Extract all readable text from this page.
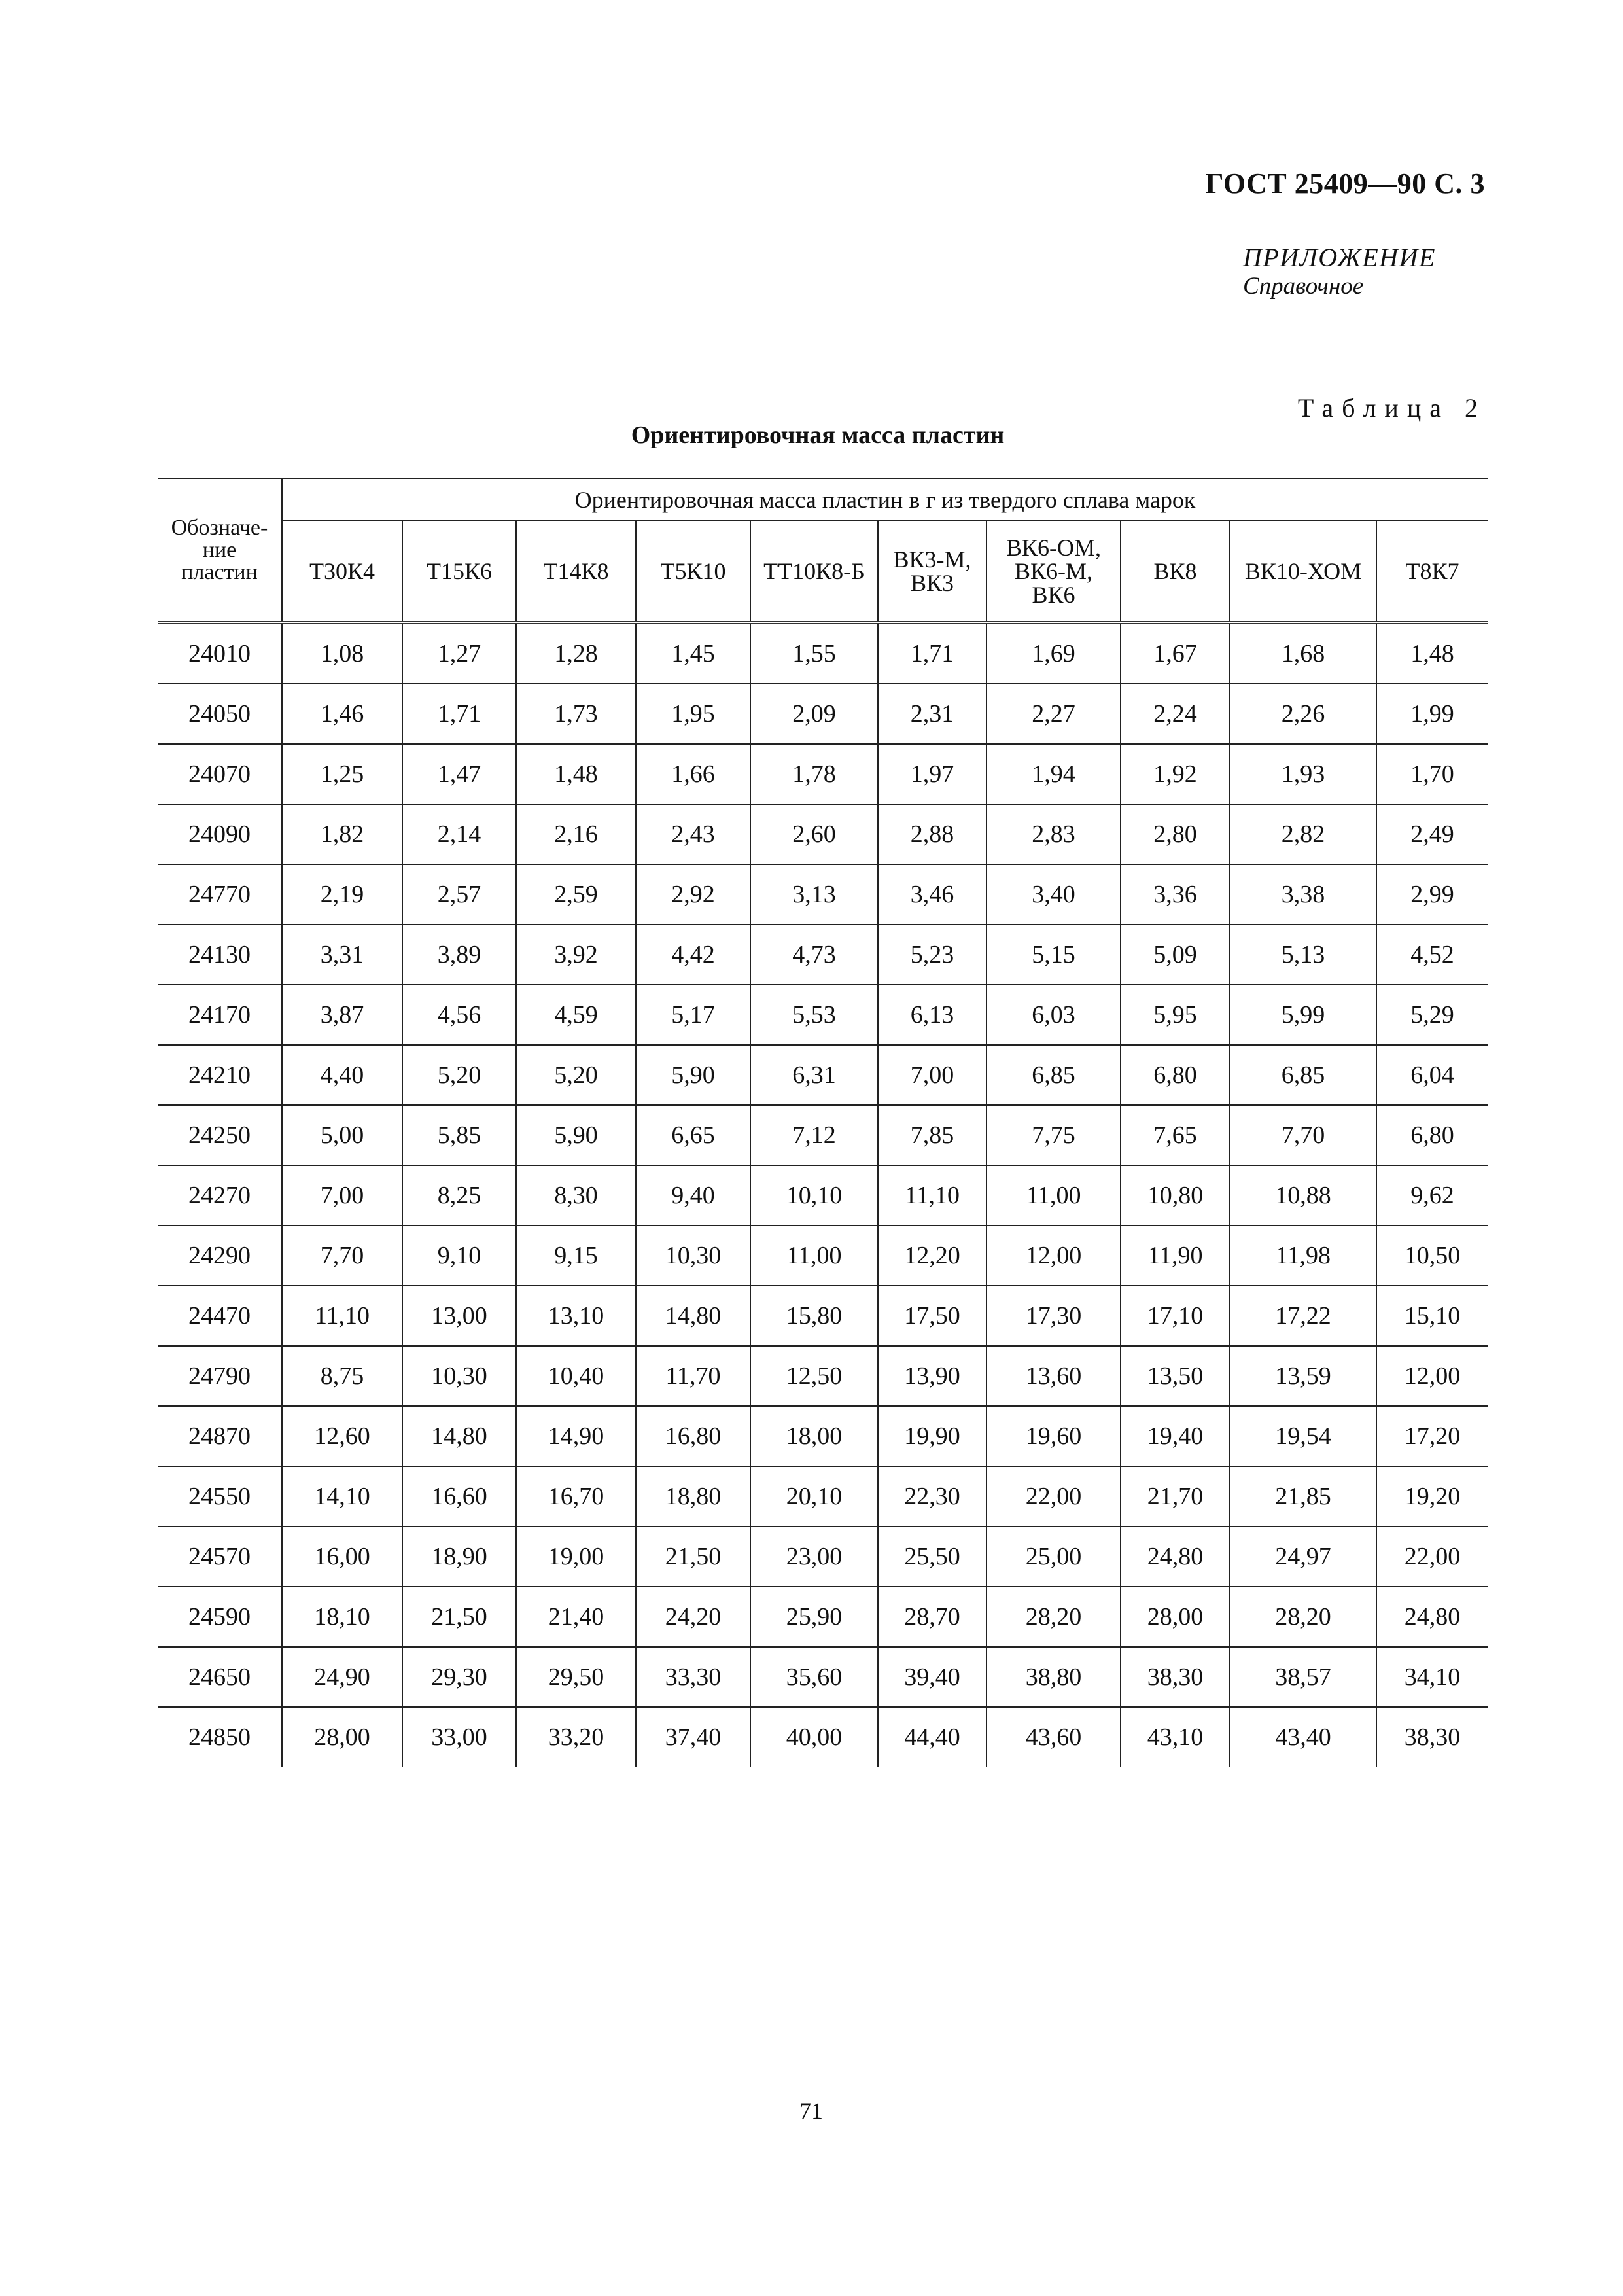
ГОСТ 25409—90 С. 3
ПРИЛОЖЕНИЕ
Справочное
Таблица 2
Ориентировочная масса пластин
Обозначе-
ние
пластин	Ориентировочная масса пластин в г из твердого сплава марок									
	Т30К4	Т15К6	Т14К8	Т5К10	ТТ10К8-Б	ВК3-М,
ВК3	ВК6-ОМ,
ВК6-М,
ВК6	ВК8	ВК10-ХОМ	Т8К7
24010	1,08	1,27	1,28	1,45	1,55	1,71	1,69	1,67	1,68	1,48
24050	1,46	1,71	1,73	1,95	2,09	2,31	2,27	2,24	2,26	1,99
24070	1,25	1,47	1,48	1,66	1,78	1,97	1,94	1,92	1,93	1,70
24090	1,82	2,14	2,16	2,43	2,60	2,88	2,83	2,80	2,82	2,49
24770	2,19	2,57	2,59	2,92	3,13	3,46	3,40	3,36	3,38	2,99
24130	3,31	3,89	3,92	4,42	4,73	5,23	5,15	5,09	5,13	4,52
24170	3,87	4,56	4,59	5,17	5,53	6,13	6,03	5,95	5,99	5,29
24210	4,40	5,20	5,20	5,90	6,31	7,00	6,85	6,80	6,85	6,04
24250	5,00	5,85	5,90	6,65	7,12	7,85	7,75	7,65	7,70	6,80
24270	7,00	8,25	8,30	9,40	10,10	11,10	11,00	10,80	10,88	9,62
24290	7,70	9,10	9,15	10,30	11,00	12,20	12,00	11,90	11,98	10,50
24470	11,10	13,00	13,10	14,80	15,80	17,50	17,30	17,10	17,22	15,10
24790	8,75	10,30	10,40	11,70	12,50	13,90	13,60	13,50	13,59	12,00
24870	12,60	14,80	14,90	16,80	18,00	19,90	19,60	19,40	19,54	17,20
24550	14,10	16,60	16,70	18,80	20,10	22,30	22,00	21,70	21,85	19,20
24570	16,00	18,90	19,00	21,50	23,00	25,50	25,00	24,80	24,97	22,00
24590	18,10	21,50	21,40	24,20	25,90	28,70	28,20	28,00	28,20	24,80
24650	24,90	29,30	29,50	33,30	35,60	39,40	38,80	38,30	38,57	34,10
24850	28,00	33,00	33,20	37,40	40,00	44,40	43,60	43,10	43,40	38,30
71
